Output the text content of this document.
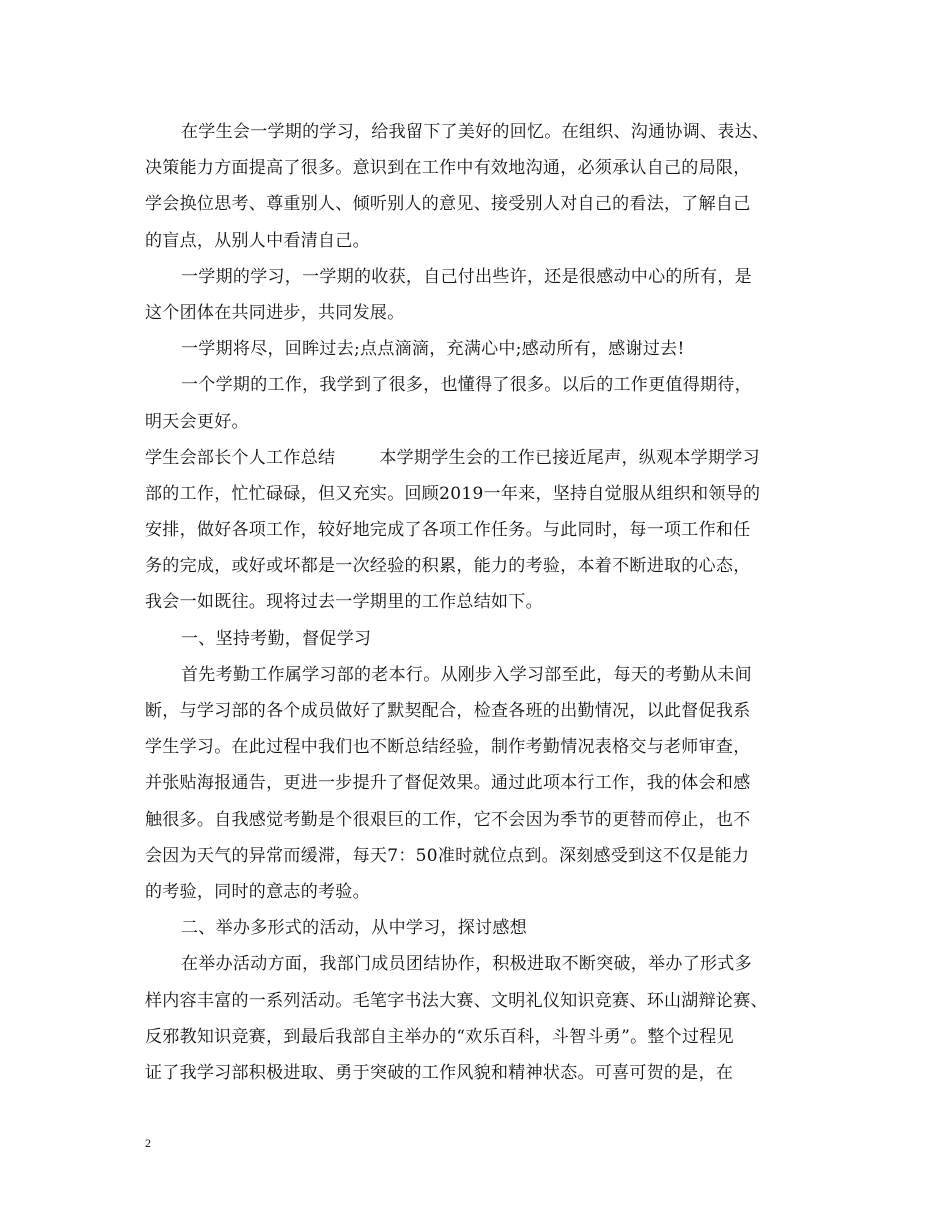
在学生会一学期的学习，给我留下了美好的回忆。在组织、沟通协调、表达、
决策能力方面提高了很多。意识到在工作中有效地沟通，必须承认自己的局限，
学会换位思考、尊重别人、倾听别人的意见、接受别人对自己的看法，了解自己
的盲点，从别人中看清自己。
一学期的学习，一学期的收获，自己付出些许，还是很感动中心的所有，是
这个团体在共同进步，共同发展。
一学期将尽，回眸过去;点点滴滴，充满心中;感动所有，感谢过去!
一个学期的工作，我学到了很多，也懂得了很多。以后的工作更值得期待，
明天会更好。
学生会部长个人工作总结	本学期学生会的工作已接近尾声，纵观本学期学习
部的工作，忙忙碌碌，但又充实。回顾2019一年来，坚持自觉服从组织和领导的
安排，做好各项工作，较好地完成了各项工作任务。与此同时，每一项工作和任
务的完成，或好或坏都是一次经验的积累，能力的考验，本着不断进取的心态，
我会一如既往。现将过去一学期里的工作总结如下。
一、坚持考勤，督促学习
首先考勤工作属学习部的老本行。从刚步入学习部至此，每天的考勤从未间
断，与学习部的各个成员做好了默契配合，检查各班的出勤情况，以此督促我系
学生学习。在此过程中我们也不断总结经验，制作考勤情况表格交与老师审查，
并张贴海报通告，更进一步提升了督促效果。通过此项本行工作，我的体会和感
触很多。自我感觉考勤是个很艰巨的工作，它不会因为季节的更替而停止，也不
会因为天气的异常而缓滞，每天7：50准时就位点到。深刻感受到这不仅是能力
的考验，同时的意志的考验。
二、举办多形式的活动，从中学习，探讨感想
在举办活动方面，我部门成员团结协作，积极进取不断突破，举办了形式多
样内容丰富的一系列活动。毛笔字书法大赛、文明礼仪知识竞赛、环山湖辩论赛、
反邪教知识竞赛，到最后我部自主举办的“欢乐百科，斗智斗勇”。整个过程见
证了我学习部积极进取、勇于突破的工作风貌和精神状态。可喜可贺的是，在
2
